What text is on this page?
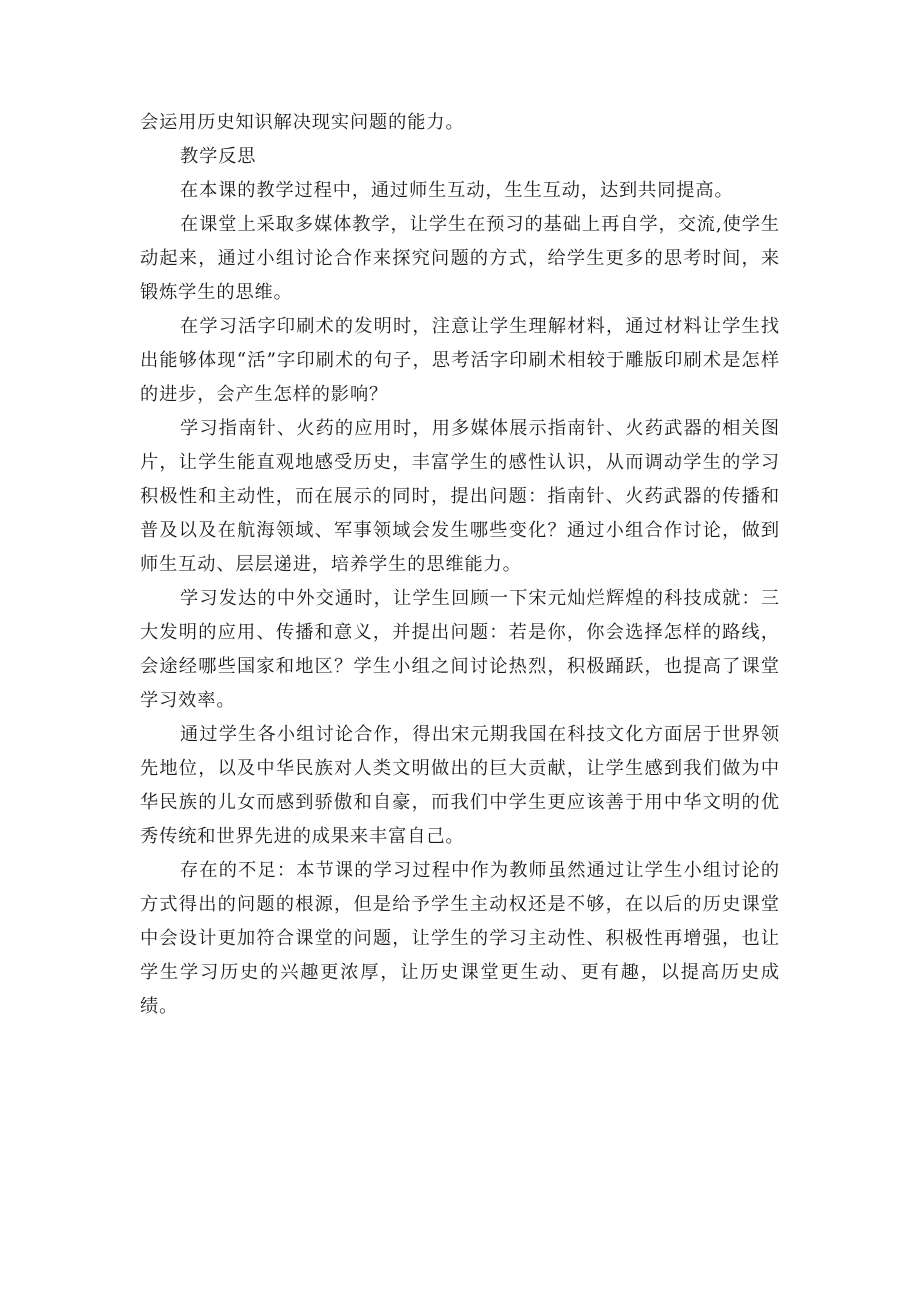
会运用历史知识解决现实问题的能力。

教学反思

在本课的教学过程中，通过师生互动，生生互动，达到共同提高。

在课堂上采取多媒体教学，让学生在预习的基础上再自学，交流,使学生动起来，通过小组讨论合作来探究问题的方式，给学生更多的思考时间，来锻炼学生的思维。

在学习活字印刷术的发明时，注意让学生理解材料，通过材料让学生找出能够体现“活”字印刷术的句子，思考活字印刷术相较于雕版印刷术是怎样的进步，会产生怎样的影响？

学习指南针、火药的应用时，用多媒体展示指南针、火药武器的相关图片，让学生能直观地感受历史，丰富学生的感性认识，从而调动学生的学习积极性和主动性，而在展示的同时，提出问题：指南针、火药武器的传播和普及以及在航海领域、军事领域会发生哪些变化？通过小组合作讨论，做到师生互动、层层递进，培养学生的思维能力。

学习发达的中外交通时，让学生回顾一下宋元灿烂辉煌的科技成就：三大发明的应用、传播和意义，并提出问题：若是你，你会选择怎样的路线，会途经哪些国家和地区？学生小组之间讨论热烈，积极踊跃，也提高了课堂学习效率。

通过学生各小组讨论合作，得出宋元期我国在科技文化方面居于世界领先地位，以及中华民族对人类文明做出的巨大贡献，让学生感到我们做为中华民族的儿女而感到骄傲和自豪，而我们中学生更应该善于用中华文明的优秀传统和世界先进的成果来丰富自己。

存在的不足：本节课的学习过程中作为教师虽然通过让学生小组讨论的方式得出的问题的根源，但是给予学生主动权还是不够，在以后的历史课堂中会设计更加符合课堂的问题，让学生的学习主动性、积极性再增强，也让学生学习历史的兴趣更浓厚，让历史课堂更生动、更有趣，以提高历史成绩。
